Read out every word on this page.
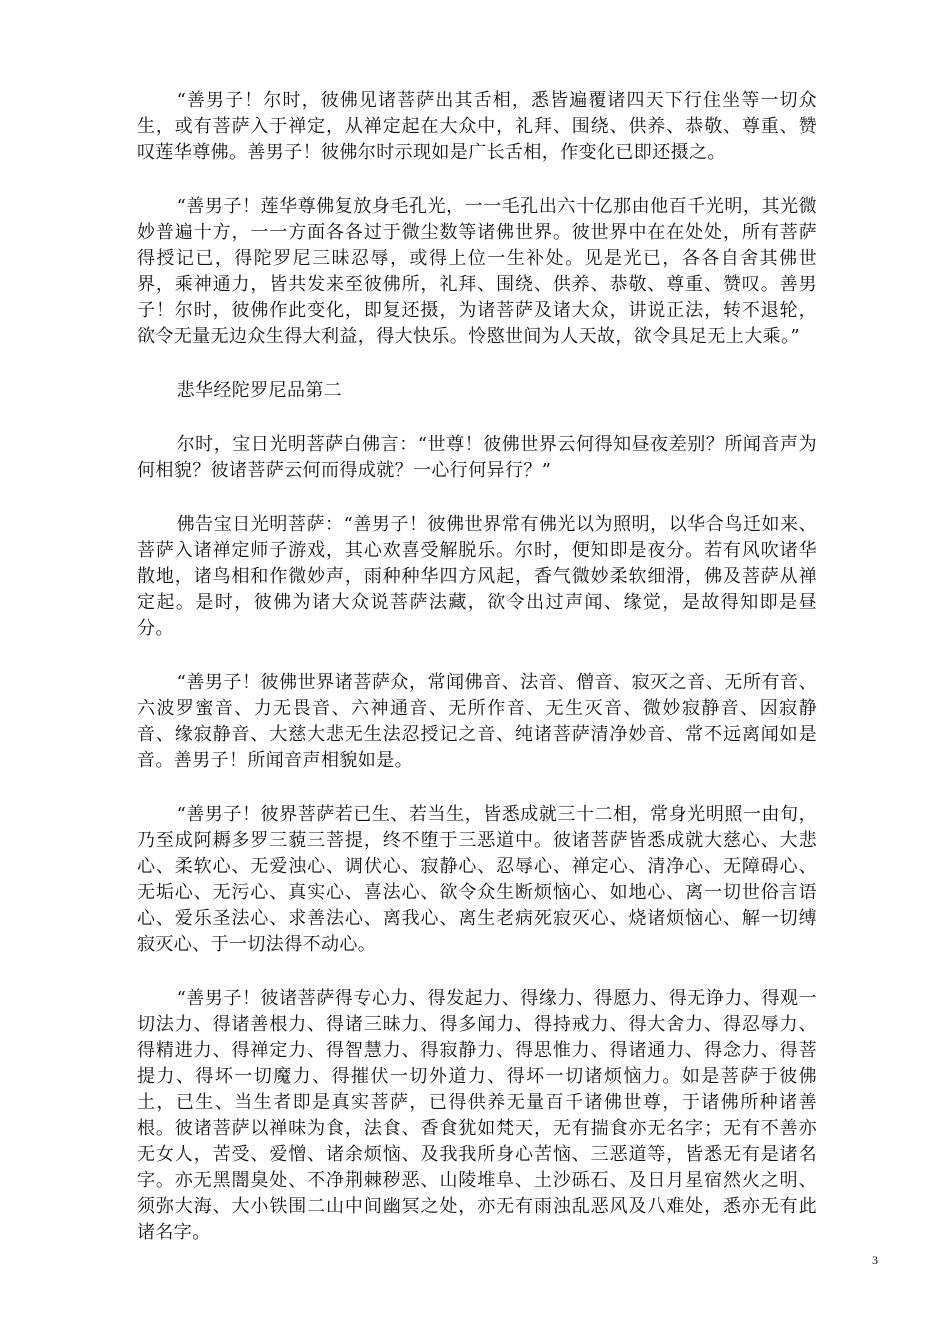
“善男子！尔时，彼佛见诸菩萨出其舌相，悉皆遍覆诸四天下行住坐等一切众生，或有菩萨入于禅定，从禅定起在大众中，礼拜、围绕、供养、恭敬、尊重、赞叹莲华尊佛。善男子！彼佛尔时示现如是广长舌相，作变化已即还摄之。

“善男子！莲华尊佛复放身毛孔光，一一毛孔出六十亿那由他百千光明，其光微妙普遍十方，一一方面各各过于微尘数等诸佛世界。彼世界中在在处处，所有菩萨得授记已，得陀罗尼三昧忍辱，或得上位一生补处。见是光已，各各自舍其佛世界，乘神通力，皆共发来至彼佛所，礼拜、围绕、供养、恭敬、尊重、赞叹。善男子！尔时，彼佛作此变化，即复还摄，为诸菩萨及诸大众，讲说正法，转不退轮，欲令无量无边众生得大利益，得大快乐。怜愍世间为人天故，欲令具足无上大乘。”

悲华经陀罗尼品第二

尔时，宝日光明菩萨白佛言：“世尊！彼佛世界云何得知昼夜差别？所闻音声为何相貌？彼诸菩萨云何而得成就？一心行何异行？”

佛告宝日光明菩萨：“善男子！彼佛世界常有佛光以为照明，以华合鸟迁如来、菩萨入诸禅定师子游戏，其心欢喜受解脱乐。尔时，便知即是夜分。若有风吹诸华散地，诸鸟相和作微妙声，雨种种华四方风起，香气微妙柔软细滑，佛及菩萨从禅定起。是时，彼佛为诸大众说菩萨法藏，欲令出过声闻、缘觉，是故得知即是昼分。

“善男子！彼佛世界诸菩萨众，常闻佛音、法音、僧音、寂灭之音、无所有音、六波罗蜜音、力无畏音、六神通音、无所作音、无生灭音、微妙寂静音、因寂静音、缘寂静音、大慈大悲无生法忍授记之音、纯诸菩萨清净妙音、常不远离闻如是音。善男子！所闻音声相貌如是。

“善男子！彼界菩萨若已生、若当生，皆悉成就三十二相，常身光明照一由旬，乃至成阿耨多罗三藐三菩提，终不堕于三恶道中。彼诸菩萨皆悉成就大慈心、大悲心、柔软心、无爱浊心、调伏心、寂静心、忍辱心、禅定心、清净心、无障碍心、无垢心、无污心、真实心、喜法心、欲令众生断烦恼心、如地心、离一切世俗言语心、爱乐圣法心、求善法心、离我心、离生老病死寂灭心、烧诸烦恼心、解一切缚寂灭心、于一切法得不动心。

“善男子！彼诸菩萨得专心力、得发起力、得缘力、得愿力、得无诤力、得观一切法力、得诸善根力、得诸三昧力、得多闻力、得持戒力、得大舍力、得忍辱力、得精进力、得禅定力、得智慧力、得寂静力、得思惟力、得诸通力、得念力、得菩提力、得坏一切魔力、得摧伏一切外道力、得坏一切诸烦恼力。如是菩萨于彼佛土，已生、当生者即是真实菩萨，已得供养无量百千诸佛世尊，于诸佛所种诸善根。彼诸菩萨以禅味为食，法食、香食犹如梵天，无有揣食亦无名字；无有不善亦无女人，苦受、爱憎、诸余烦恼、及我我所身心苦恼、三恶道等，皆悉无有是诸名字。亦无黑闇臭处、不净荆棘秽恶、山陵堆阜、土沙砾石、及日月星宿然火之明、须弥大海、大小铁围二山中间幽冥之处，亦无有雨浊乱恶风及八难处，悉亦无有此诸名字。

3
